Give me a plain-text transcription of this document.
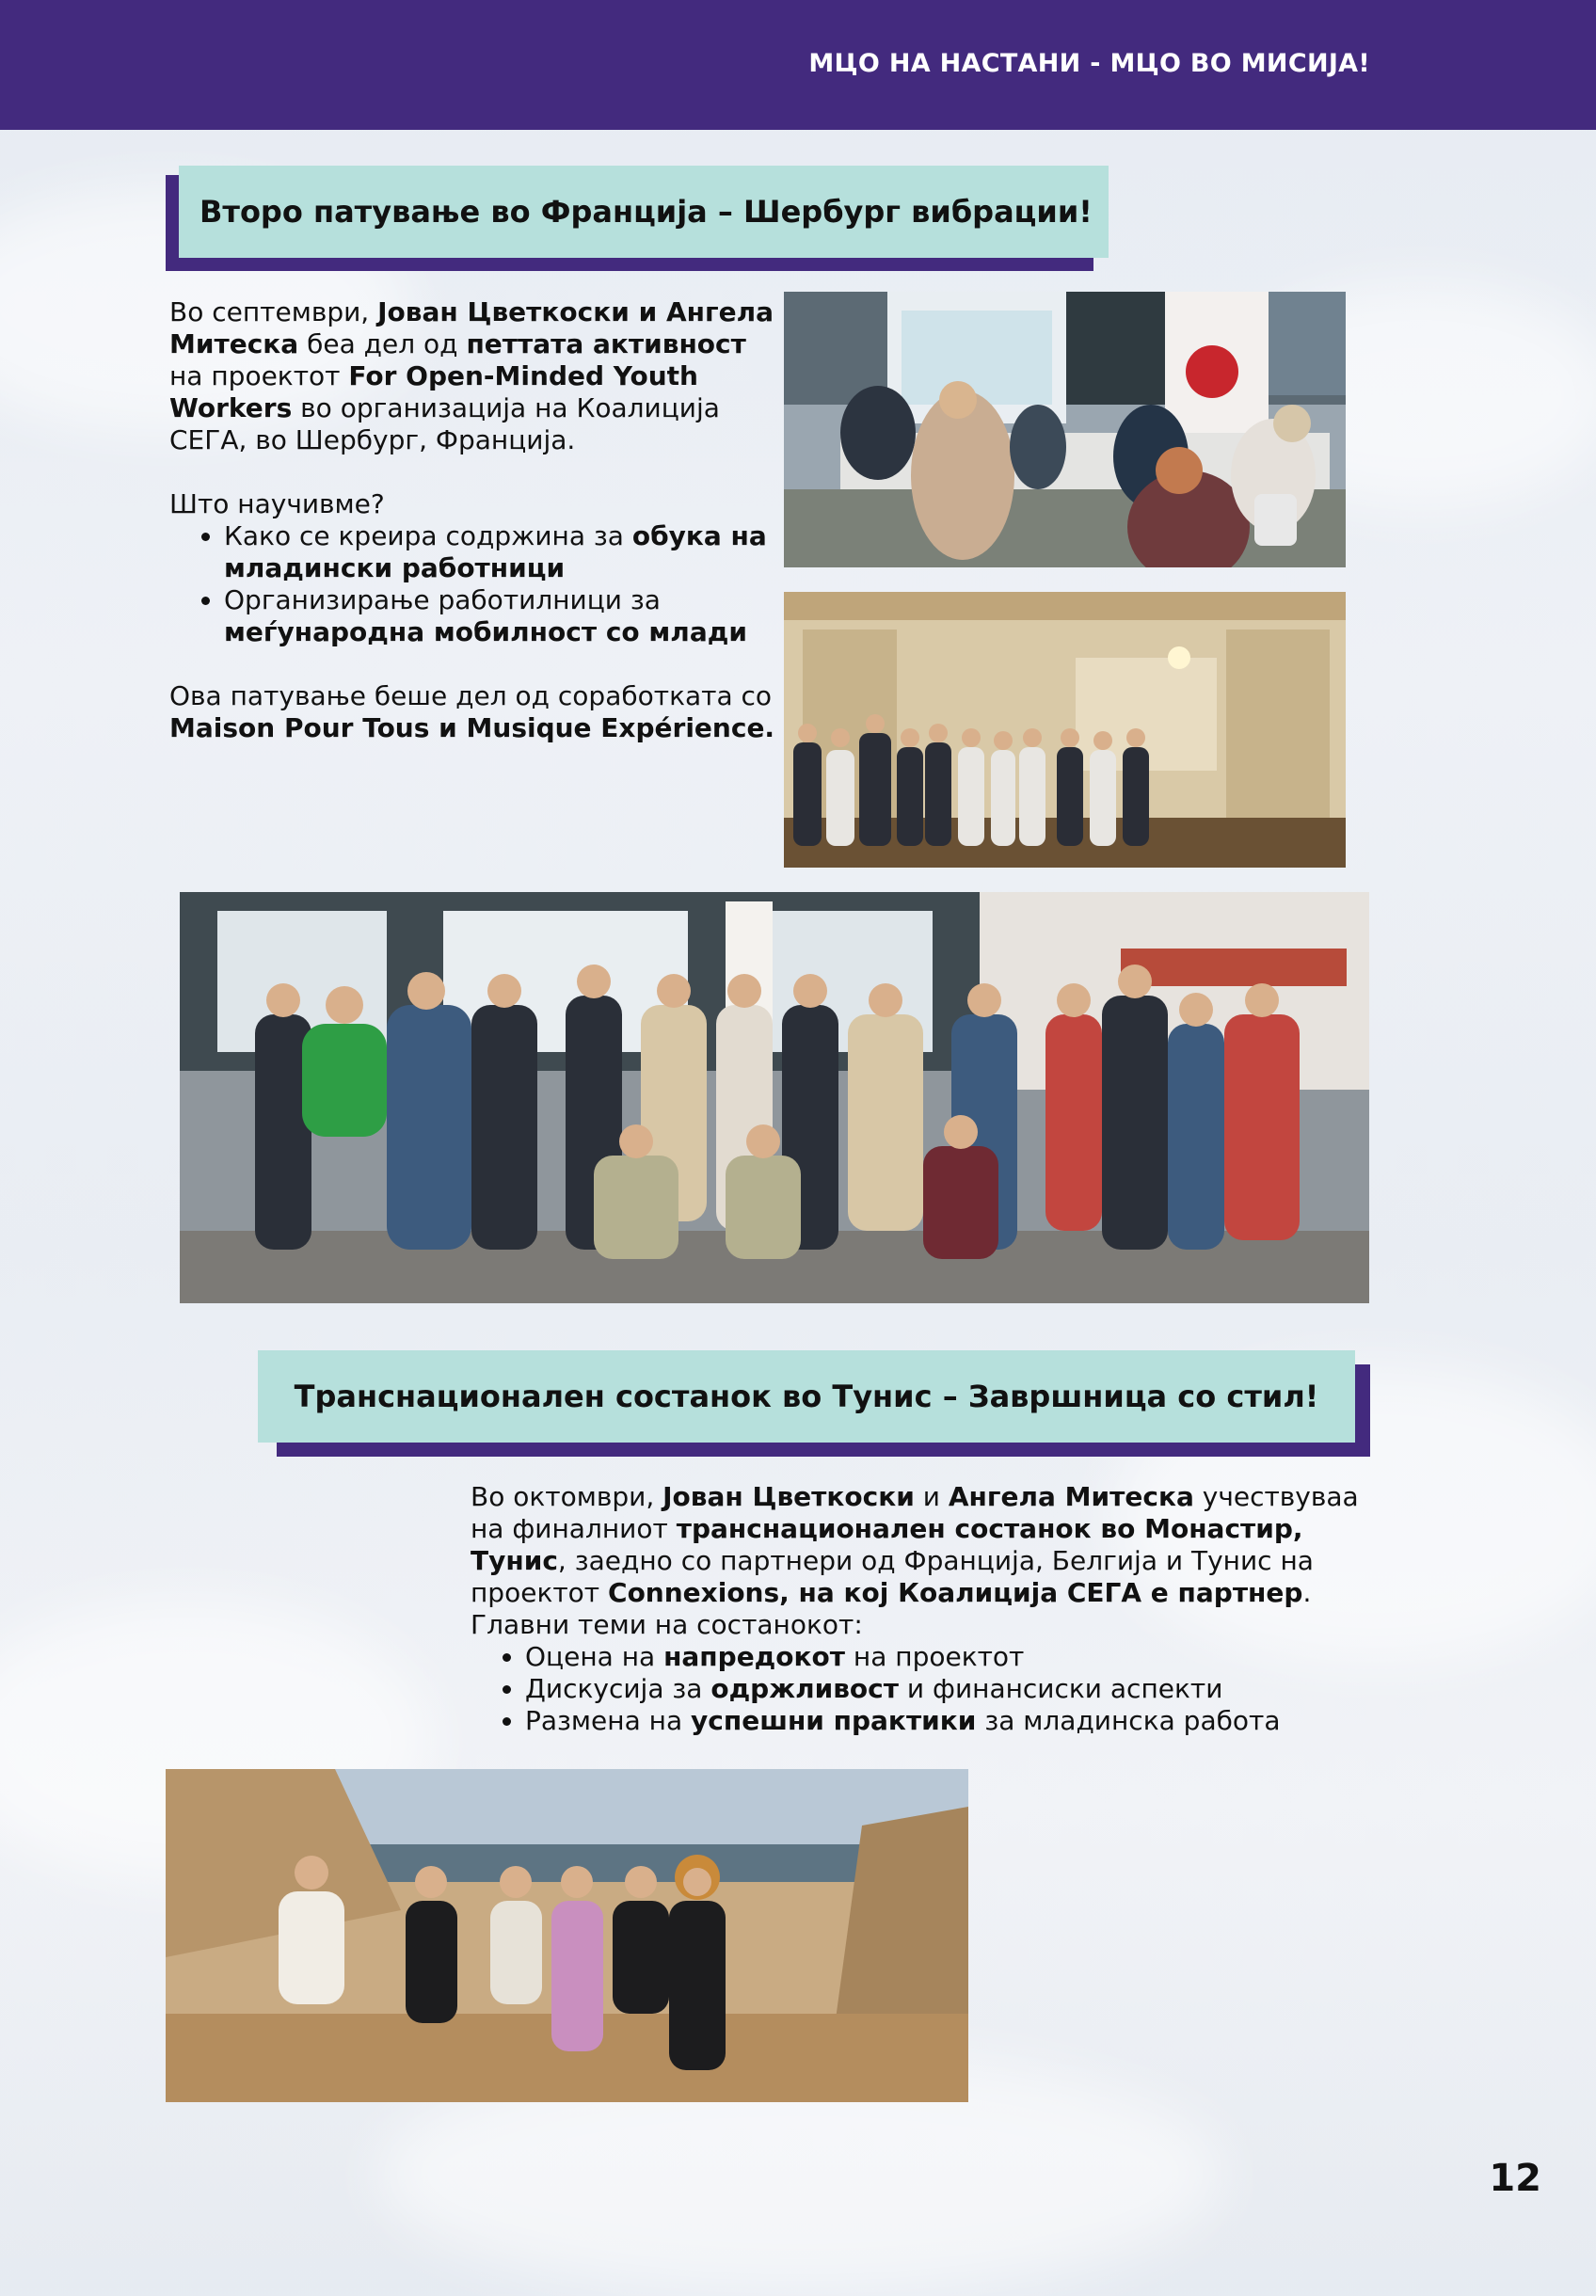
МЦО НА НАСТАНИ - МЦО ВО МИСИЈА!
Второ патување во Франција – Шербург вибрации!

Во септември, Јован Цветкоски и Ангела Митеска беа дел од петтата активност на проектот For Open-Minded Youth Workers во организација на Коалиција СЕГА, во Шербург, Франција.

Што научивме?

• Како се креира содржина за обука на младински работници
• Организирање работилници за меѓународна мобилност со млади

Ова патување беше дел од соработката со Maison Pour Tous и Musique Expérience.

Транснационален состанок во Тунис – Завршница со стил!

Во октомври, Јован Цветкоски и Ангела Митеска учествуваа на финалниот транснационален состанок во Монастир, Тунис, заедно со партнери од Франција, Белгија и Тунис на проектот Connexions, на кој Коалиција СЕГА е партнер.

Главни теми на состанокот:

• Оцена на напредокот на проектот
• Дискусија за одржливост и финансиски аспекти
• Размена на успешни практики за младинска работа
12
